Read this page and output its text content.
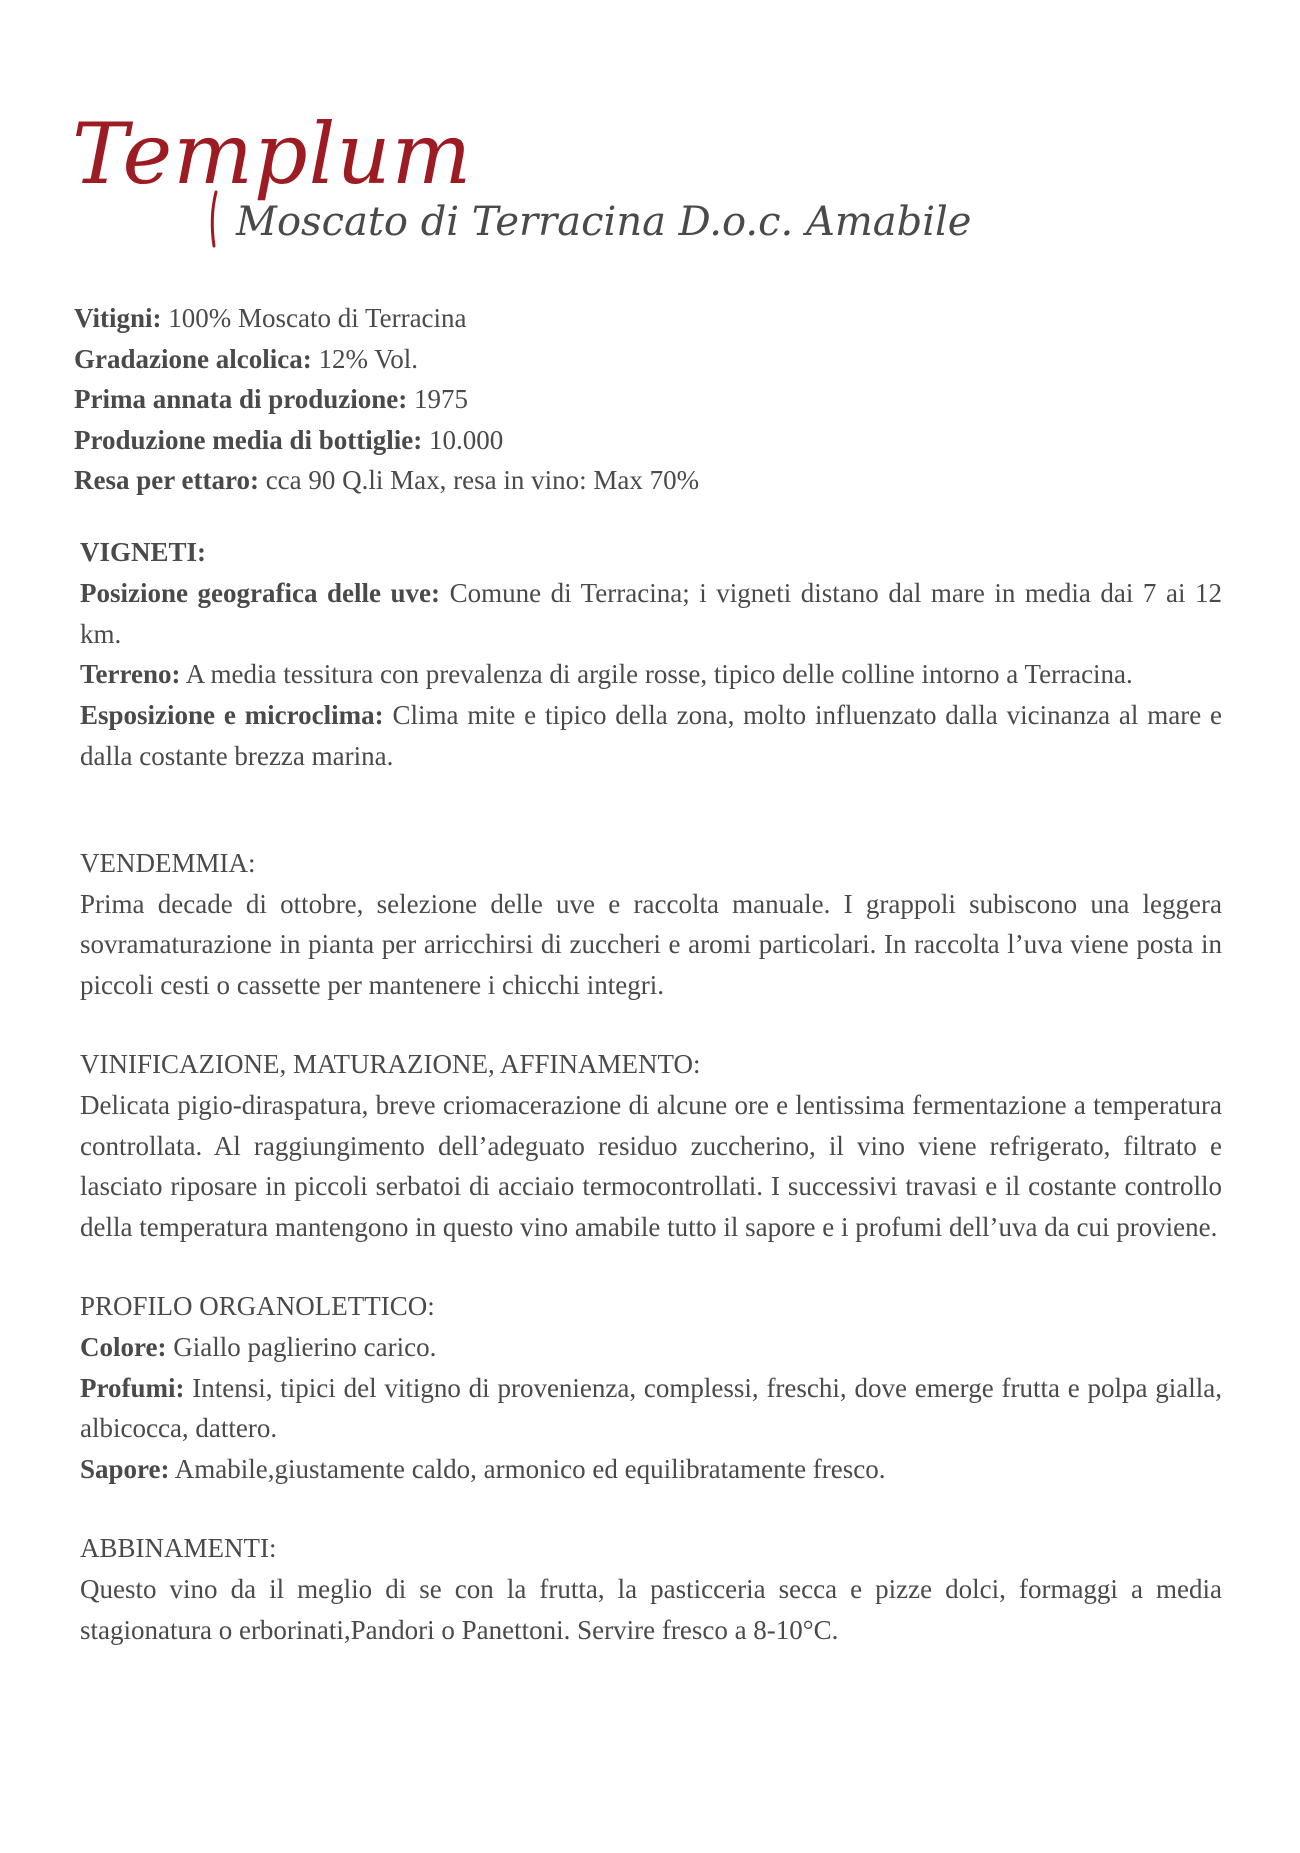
Templum
Moscato di Terracina D.o.c. Amabile
Vitigni: 100% Moscato di Terracina
Gradazione alcolica: 12% Vol.
Prima annata di produzione: 1975
Produzione media di bottiglie: 10.000
Resa per ettaro: cca 90 Q.li Max, resa in vino: Max 70%
VIGNETI:

Posizione geografica delle uve: Comune di Terracina; i vigneti distano dal mare in media dai 7 ai 12 km.

Terreno: A media tessitura con prevalenza di argile rosse, tipico delle colline intorno a Terracina.

Esposizione e microclima: Clima mite e tipico della zona, molto influenzato dalla vicinanza al mare e dalla costante brezza marina.

VENDEMMIA:

Prima decade di ottobre, selezione delle uve e raccolta manuale. I grappoli subiscono una leggera sovramaturazione in pianta per arricchirsi di zuccheri e aromi particolari. In raccolta l’uva viene posta in piccoli cesti o cassette per mantenere i chicchi integri.

VINIFICAZIONE, MATURAZIONE, AFFINAMENTO:

Delicata pigio-diraspatura, breve criomacerazione di alcune ore e lentissima fermentazione a temperatura controllata. Al raggiungimento dell’adeguato residuo zuccherino, il vino viene refrigerato, filtrato e lasciato riposare in piccoli serbatoi di acciaio termocontrollati. I successivi travasi e il costante controllo della temperatura mantengono in questo vino amabile tutto il sapore e i profumi dell’uva da cui proviene.

PROFILO ORGANOLETTICO:

Colore: Giallo paglierino carico.

Profumi: Intensi, tipici del vitigno di provenienza, complessi, freschi, dove emerge frutta e polpa gialla, albicocca, dattero.

Sapore: Amabile,giustamente caldo, armonico ed equilibratamente fresco.

ABBINAMENTI:

Questo vino da il meglio di se con la frutta, la pasticceria secca e pizze dolci, formaggi a media stagionatura o erborinati,Pandori o Panettoni. Servire fresco a 8-10°C.
